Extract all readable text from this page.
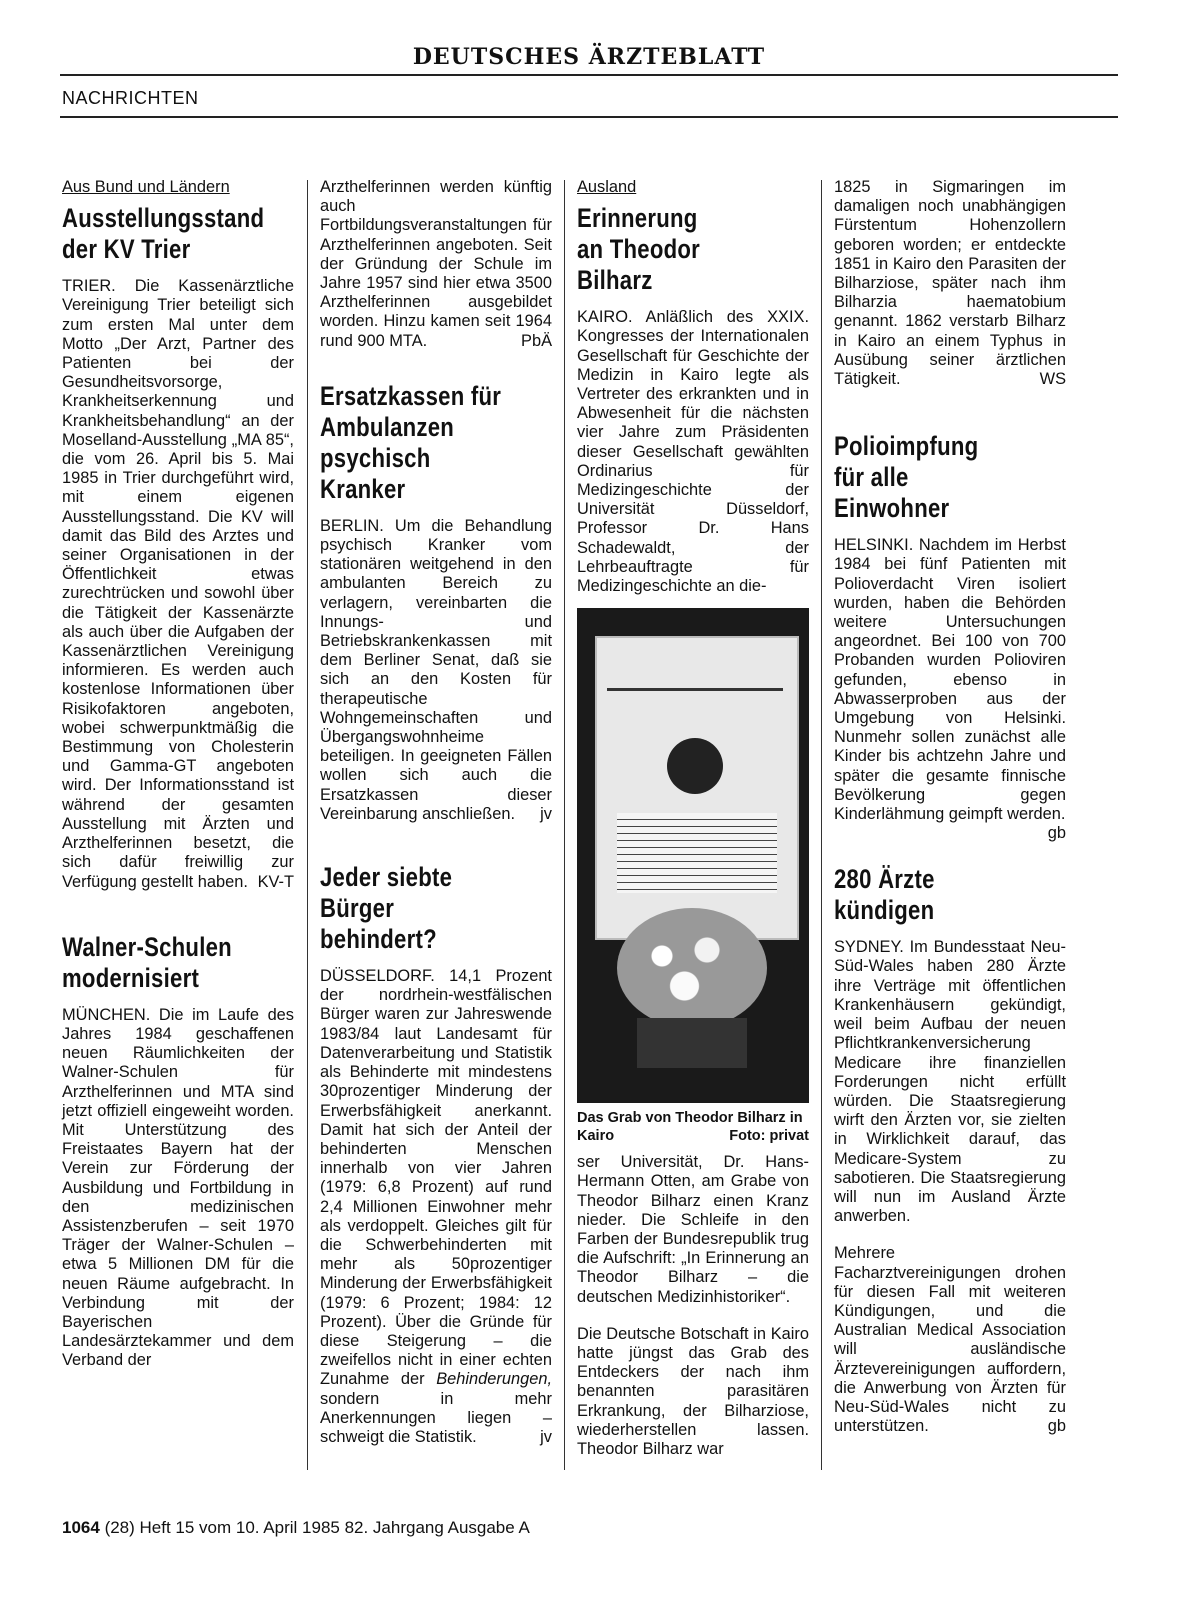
DEUTSCHES ÄRZTEBLATT
NACHRICHTEN
Aus Bund und Ländern
Ausstellungsstand
der KV Trier

TRIER. Die Kassenärztliche Vereinigung Trier beteiligt sich zum ersten Mal unter dem Motto „Der Arzt, Partner des Patienten bei der Gesundheitsvorsorge, Krankheitserkennung und Krankheitsbehandlung“ an der Moselland-Ausstellung „MA 85“, die vom 26. April bis 5. Mai 1985 in Trier durchgeführt wird, mit einem eigenen Ausstellungsstand. Die KV will damit das Bild des Arztes und seiner Organisationen in der Öffentlichkeit etwas zurechtrücken und sowohl über die Tätigkeit der Kassenärzte als auch über die Aufgaben der Kassenärztlichen Vereinigung informieren. Es werden auch kostenlose Informationen über Risikofaktoren angeboten, wobei schwerpunktmäßig die Bestimmung von Cholesterin und Gamma-GT angeboten wird. Der Informationsstand ist während der gesamten Ausstellung mit Ärzten und Arzthelferinnen besetzt, die sich dafür freiwillig zur Verfügung gestellt haben. KV-T

Walner-Schulen
modernisiert

MÜNCHEN. Die im Laufe des Jahres 1984 geschaffenen neuen Räumlichkeiten der Walner-Schulen für Arzthelferinnen und MTA sind jetzt offiziell eingeweiht worden. Mit Unterstützung des Freistaates Bayern hat der Verein zur Förderung der Ausbildung und Fortbildung in den medizinischen Assistenzberufen – seit 1970 Träger der Walner-Schulen – etwa 5 Millionen DM für die neuen Räume aufgebracht. In Verbindung mit der Bayerischen Landesärztekammer und dem Verband der

Arzthelferinnen werden künftig auch Fortbildungsveranstaltungen für Arzthelferinnen angeboten. Seit der Gründung der Schule im Jahre 1957 sind hier etwa 3500 Arzthelferinnen ausgebildet worden. Hinzu kamen seit 1964 rund 900 MTA.	PbÄ

Ersatzkassen für
Ambulanzen
psychisch Kranker

BERLIN. Um die Behandlung psychisch Kranker vom stationären weitgehend in den ambulanten Bereich zu verlagern, vereinbarten die Innungs- und Betriebskrankenkassen mit dem Berliner Senat, daß sie sich an den Kosten für therapeutische Wohngemeinschaften und Übergangswohnheime beteiligen. In geeigneten Fällen wollen sich auch die Ersatzkassen dieser Vereinbarung anschließen.	jv

Jeder siebte
Bürger behindert?

DÜSSELDORF. 14,1 Prozent der nordrhein-westfälischen Bürger waren zur Jahreswende 1983/84 laut Landesamt für Datenverarbeitung und Statistik als Behinderte mit mindestens 30prozentiger Minderung der Erwerbsfähigkeit anerkannt. Damit hat sich der Anteil der behinderten Menschen innerhalb von vier Jahren (1979: 6,8 Prozent) auf rund 2,4 Millionen Einwohner mehr als verdoppelt. Gleiches gilt für die Schwerbehinderten mit mehr als 50prozentiger Minderung der Erwerbsfähigkeit (1979: 6 Prozent; 1984: 12 Prozent). Über die Gründe für diese Steigerung – die zweifellos nicht in einer echten Zunahme der Behinderungen, sondern in mehr Anerkennungen liegen – schweigt die Statistik.	jv

Ausland
Erinnerung
an Theodor Bilharz

KAIRO. Anläßlich des XXIX. Kongresses der Internationalen Gesellschaft für Geschichte der Medizin in Kairo legte als Vertreter des erkrankten und in Abwesenheit für die nächsten vier Jahre zum Präsidenten dieser Gesellschaft gewählten Ordinarius für Medizingeschichte der Universität Düsseldorf, Professor Dr. Hans Schadewaldt, der Lehrbeauftragte für Medizingeschichte an die-

Das Grab von Theodor Bilharz in Kairo	Foto: privat

ser Universität, Dr. Hans-Hermann Otten, am Grabe von Theodor Bilharz einen Kranz nieder. Die Schleife in den Farben der Bundesrepublik trug die Aufschrift: „In Erinnerung an Theodor Bilharz – die deutschen Medizinhistoriker“.

Die Deutsche Botschaft in Kairo hatte jüngst das Grab des Entdeckers der nach ihm benannten parasitären Erkrankung, der Bilharziose, wiederherstellen lassen. Theodor Bilharz war

1825 in Sigmaringen im damaligen noch unabhängigen Fürstentum Hohenzollern geboren worden; er entdeckte 1851 in Kairo den Parasiten der Bilharziose, später nach ihm Bilharzia haematobium genannt. 1862 verstarb Bilharz in Kairo an einem Typhus in Ausübung seiner ärztlichen Tätigkeit.	WS

Polioimpfung
für alle Einwohner

HELSINKI. Nachdem im Herbst 1984 bei fünf Patienten mit Polioverdacht Viren isoliert wurden, haben die Behörden weitere Untersuchungen angeordnet. Bei 100 von 700 Probanden wurden Polioviren gefunden, ebenso in Abwasserproben aus der Umgebung von Helsinki. Nunmehr sollen zunächst alle Kinder bis achtzehn Jahre und später die gesamte finnische Bevölkerung gegen Kinderlähmung geimpft werden.
gb

280 Ärzte kündigen

SYDNEY. Im Bundesstaat Neu-Süd-Wales haben 280 Ärzte ihre Verträge mit öffentlichen Krankenhäusern gekündigt, weil beim Aufbau der neuen Pflichtkrankenversicherung Medicare ihre finanziellen Forderungen nicht erfüllt würden. Die Staatsregierung wirft den Ärzten vor, sie zielten in Wirklichkeit darauf, das Medicare-System zu sabotieren. Die Staatsregierung will nun im Ausland Ärzte anwerben.

Mehrere Facharztvereinigungen drohen für diesen Fall mit weiteren Kündigungen, und die Australian Medical Association will ausländische Ärztevereinigungen auffordern, die Anwerbung von Ärzten für Neu-Süd-Wales nicht zu unterstützen.	gb

1064 (28) Heft 15 vom 10. April 1985 82. Jahrgang Ausgabe A
